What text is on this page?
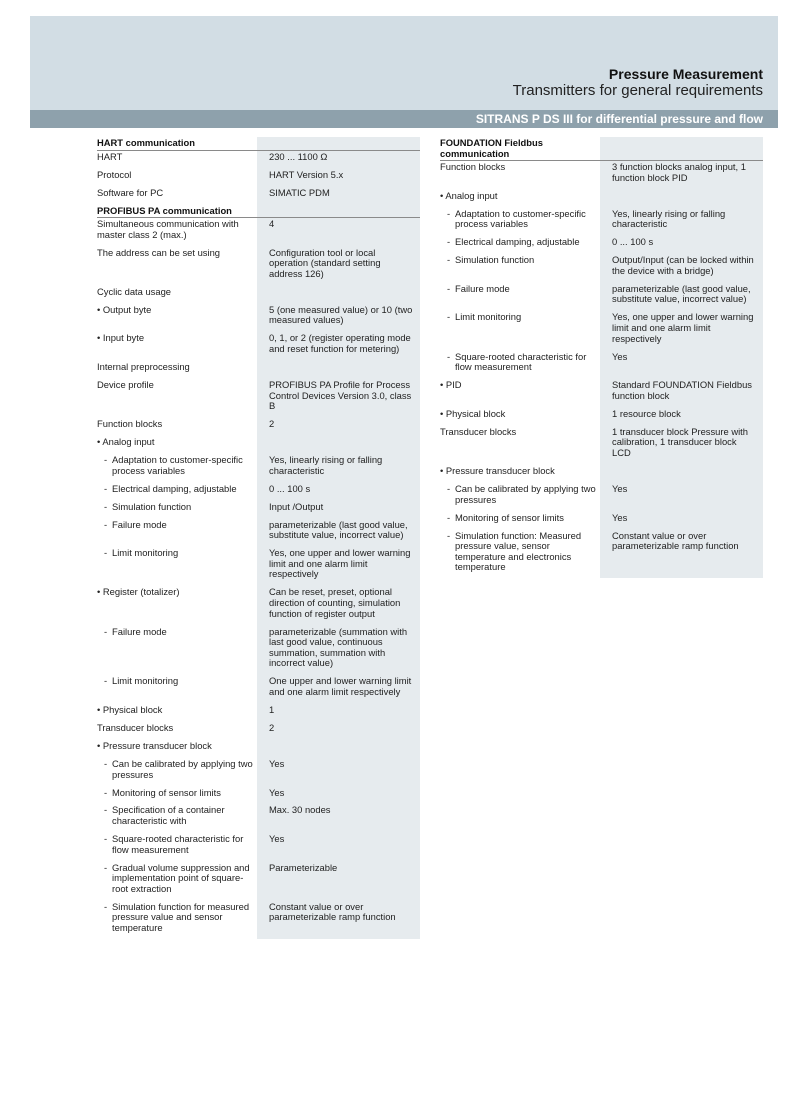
Pressure Measurement
Transmitters for general requirements
SITRANS P DS III for differential pressure and flow
HART communication	
HART	230 ... 1100 Ω
Protocol	HART Version 5.x
Software for PC	SIMATIC PDM
PROFIBUS PA communication	
Simultaneous communication with master class 2 (max.)	4
The address can be set using	Configuration tool or local operation (standard setting address 126)
Cyclic data usage	
• Output byte	5 (one measured value) or 10 (two measured values)
• Input byte	0, 1, or 2 (register operating mode and reset function for metering)
Internal preprocessing	
Device profile	PROFIBUS PA Profile for Process Control Devices Version 3.0, class B
Function blocks	2
• Analog input	

- Adaptation to customer-specific process variables	Yes, linearly rising or falling characteristic

- Electrical damping, adjustable	0 ... 100 s

- Simulation function	Input /Output

- Failure mode	parameterizable (last good value, substitute value, incorrect value)

- Limit monitoring	Yes, one upper and lower warning limit and one alarm limit respectively
• Register (totalizer)	Can be reset, preset, optional direction of counting, simulation function of register output

- Failure mode	parameterizable (summation with last good value, continuous summation, summation with incorrect value)

- Limit monitoring	One upper and lower warning limit and one alarm limit respectively
• Physical block	1
Transducer blocks	2
• Pressure transducer block	

- Can be calibrated by applying two pressures	Yes

- Monitoring of sensor limits	Yes

- Specification of a container characteristic with	Max. 30 nodes

- Square-rooted characteristic for flow measurement	Yes

- Gradual volume suppression and implementation point of square-root extraction	Parameterizable

- Simulation function for measured pressure value and sensor temperature	Constant value or over parameterizable ramp function
FOUNDATION Fieldbus communication	
Function blocks	3 function blocks analog input, 1 function block PID
• Analog input	

- Adaptation to customer-specific process variables	Yes, linearly rising or falling characteristic

- Electrical damping, adjustable	0 ... 100 s

- Simulation function	Output/Input (can be locked within the device with a bridge)

- Failure mode	parameterizable (last good value, substitute value, incorrect value)

- Limit monitoring	Yes, one upper and lower warning limit and one alarm limit respectively

- Square-rooted characteristic for flow measurement	Yes
• PID	Standard FOUNDATION Fieldbus function block
• Physical block	1 resource block
Transducer blocks	1 transducer block Pressure with calibration, 1 transducer block LCD
• Pressure transducer block	

- Can be calibrated by applying two pressures	Yes

- Monitoring of sensor limits	Yes

- Simulation function: Measured pressure value, sensor temperature and electronics temperature	Constant value or over parameterizable ramp function
